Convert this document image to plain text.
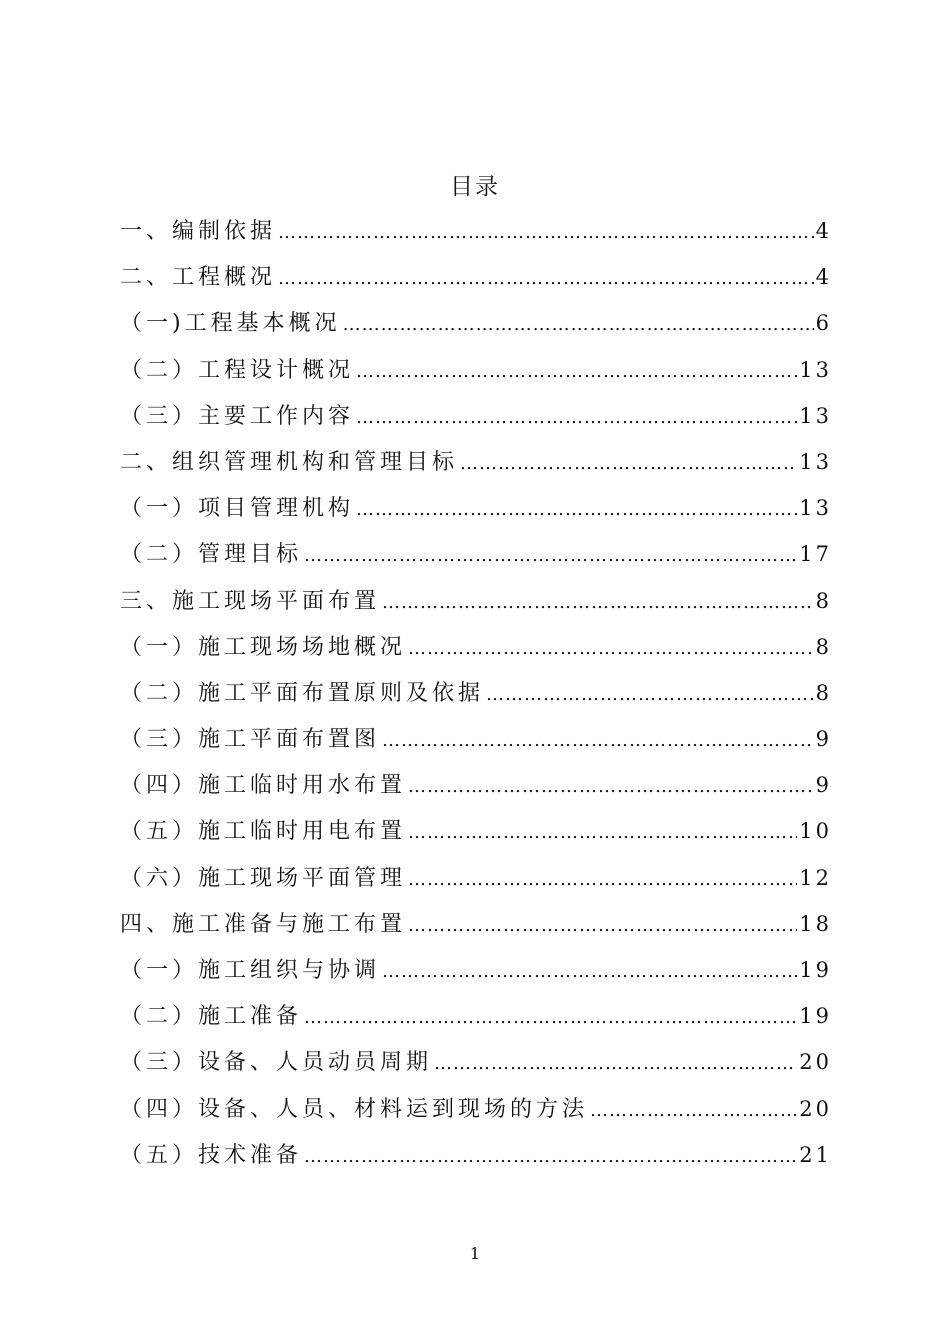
目录
一、编制依据 …………………………………………………………………………………………………………………………………………………………………………………………………………	4
二、工程概况 …………………………………………………………………………………………………………………………………………………………………………………………………………	4
（一)工程基本概况 …………………………………………………………………………………………………………………………………………………………………………………………………………	6
（二）工程设计概况 …………………………………………………………………………………………………………………………………………………………………………………………………………	13
（三）主要工作内容 …………………………………………………………………………………………………………………………………………………………………………………………………………	13
二、组织管理机构和管理目标 …………………………………………………………………………………………………………………………………………………………………………………………………………	13
（一）项目管理机构 …………………………………………………………………………………………………………………………………………………………………………………………………………	13
（二）管理目标 …………………………………………………………………………………………………………………………………………………………………………………………………………	17
三、施工现场平面布置 …………………………………………………………………………………………………………………………………………………………………………………………………………	8
（一）施工现场场地概况 …………………………………………………………………………………………………………………………………………………………………………………………………………	8
（二）施工平面布置原则及依据 …………………………………………………………………………………………………………………………………………………………………………………………………………	8
（三）施工平面布置图 …………………………………………………………………………………………………………………………………………………………………………………………………………	9
（四）施工临时用水布置 …………………………………………………………………………………………………………………………………………………………………………………………………………	9
（五）施工临时用电布置 …………………………………………………………………………………………………………………………………………………………………………………………………………	10
（六）施工现场平面管理 …………………………………………………………………………………………………………………………………………………………………………………………………………	12
四、施工准备与施工布置 …………………………………………………………………………………………………………………………………………………………………………………………………………	18
（一）施工组织与协调 …………………………………………………………………………………………………………………………………………………………………………………………………………	19
（二）施工准备 …………………………………………………………………………………………………………………………………………………………………………………………………………	19
（三）设备、人员动员周期 …………………………………………………………………………………………………………………………………………………………………………………………………………	20
（四）设备、人员、材料运到现场的方法 …………………………………………………………………………………………………………………………………………………………………………………………………………	20
（五）技术准备 …………………………………………………………………………………………………………………………………………………………………………………………………………	21
1
